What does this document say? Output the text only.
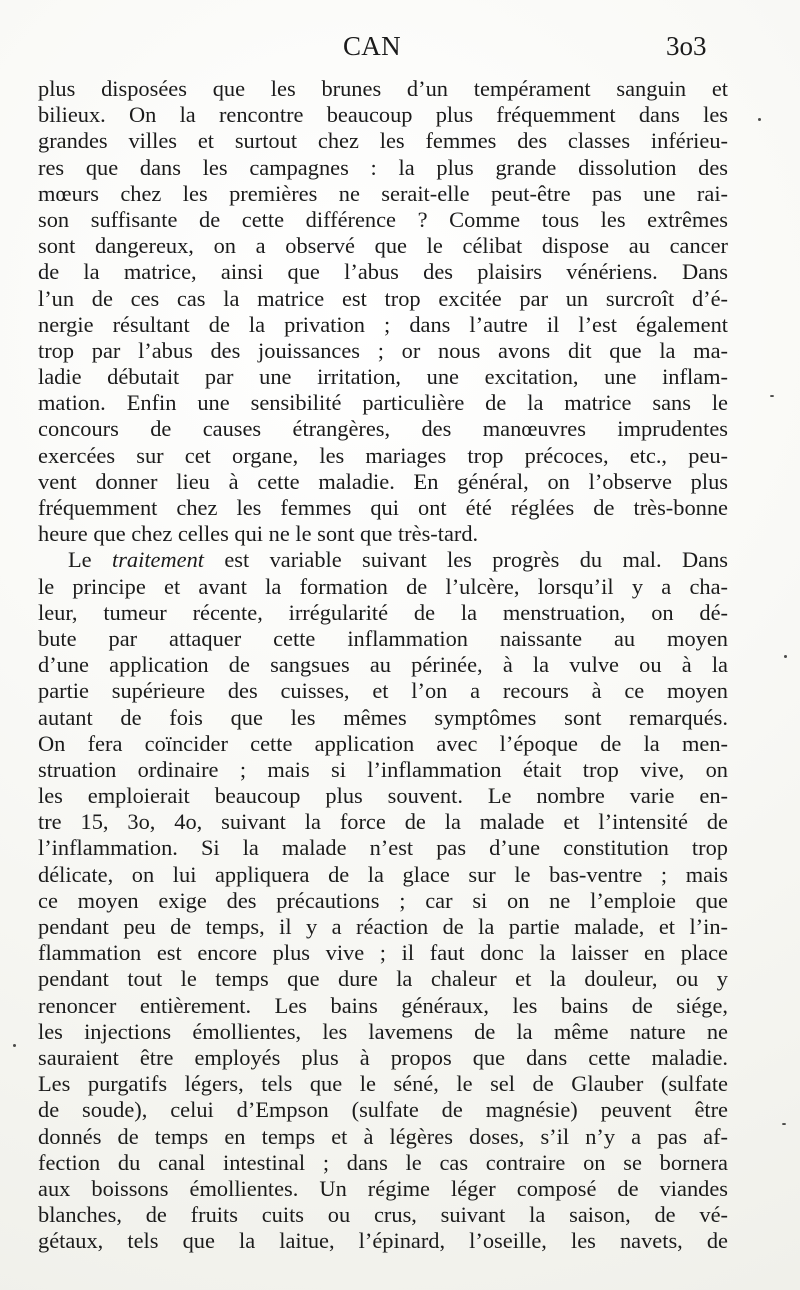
CAN	3o3
plus disposées que les brunes d’un tempérament sanguin et
bilieux. On la rencontre beaucoup plus fréquemment dans les
grandes villes et surtout chez les femmes des classes inférieu-
res que dans les campagnes : la plus grande dissolution des
mœurs chez les premières ne serait-elle peut-être pas une rai-
son suffisante de cette différence ? Comme tous les extrêmes
sont dangereux, on a observé que le célibat dispose au cancer
de la matrice, ainsi que l’abus des plaisirs vénériens. Dans
l’un de ces cas la matrice est trop excitée par un surcroît d’é-
nergie résultant de la privation ; dans l’autre il l’est également
trop par l’abus des jouissances ; or nous avons dit que la ma-
ladie débutait par une irritation, une excitation, une inflam-
mation. Enfin une sensibilité particulière de la matrice sans le
concours de causes étrangères, des manœuvres imprudentes
exercées sur cet organe, les mariages trop précoces, etc., peu-
vent donner lieu à cette maladie. En général, on l’observe plus
fréquemment chez les femmes qui ont été réglées de très-bonne
heure que chez celles qui ne le sont que très-tard.
Le traitement est variable suivant les progrès du mal. Dans
le principe et avant la formation de l’ulcère, lorsqu’il y a cha-
leur, tumeur récente, irrégularité de la menstruation, on dé-
bute par attaquer cette inflammation naissante au moyen
d’une application de sangsues au périnée, à la vulve ou à la
partie supérieure des cuisses, et l’on a recours à ce moyen
autant de fois que les mêmes symptômes sont remarqués.
On fera coïncider cette application avec l’époque de la men-
struation ordinaire ; mais si l’inflammation était trop vive, on
les emploierait beaucoup plus souvent. Le nombre varie en-
tre 15, 3o, 4o, suivant la force de la malade et l’intensité de
l’inflammation. Si la malade n’est pas d’une constitution trop
délicate, on lui appliquera de la glace sur le bas-ventre ; mais
ce moyen exige des précautions ; car si on ne l’emploie que
pendant peu de temps, il y a réaction de la partie malade, et l’in-
flammation est encore plus vive ; il faut donc la laisser en place
pendant tout le temps que dure la chaleur et la douleur, ou y
renoncer entièrement. Les bains généraux, les bains de siége,
les injections émollientes, les lavemens de la même nature ne
sauraient être employés plus à propos que dans cette maladie.
Les purgatifs légers, tels que le séné, le sel de Glauber (sulfate
de soude), celui d’Empson (sulfate de magnésie) peuvent être
donnés de temps en temps et à légères doses, s’il n’y a pas af-
fection du canal intestinal ; dans le cas contraire on se bornera
aux boissons émollientes. Un régime léger composé de viandes
blanches, de fruits cuits ou crus, suivant la saison, de vé-
gétaux, tels que la laitue, l’épinard, l’oseille, les navets, de
